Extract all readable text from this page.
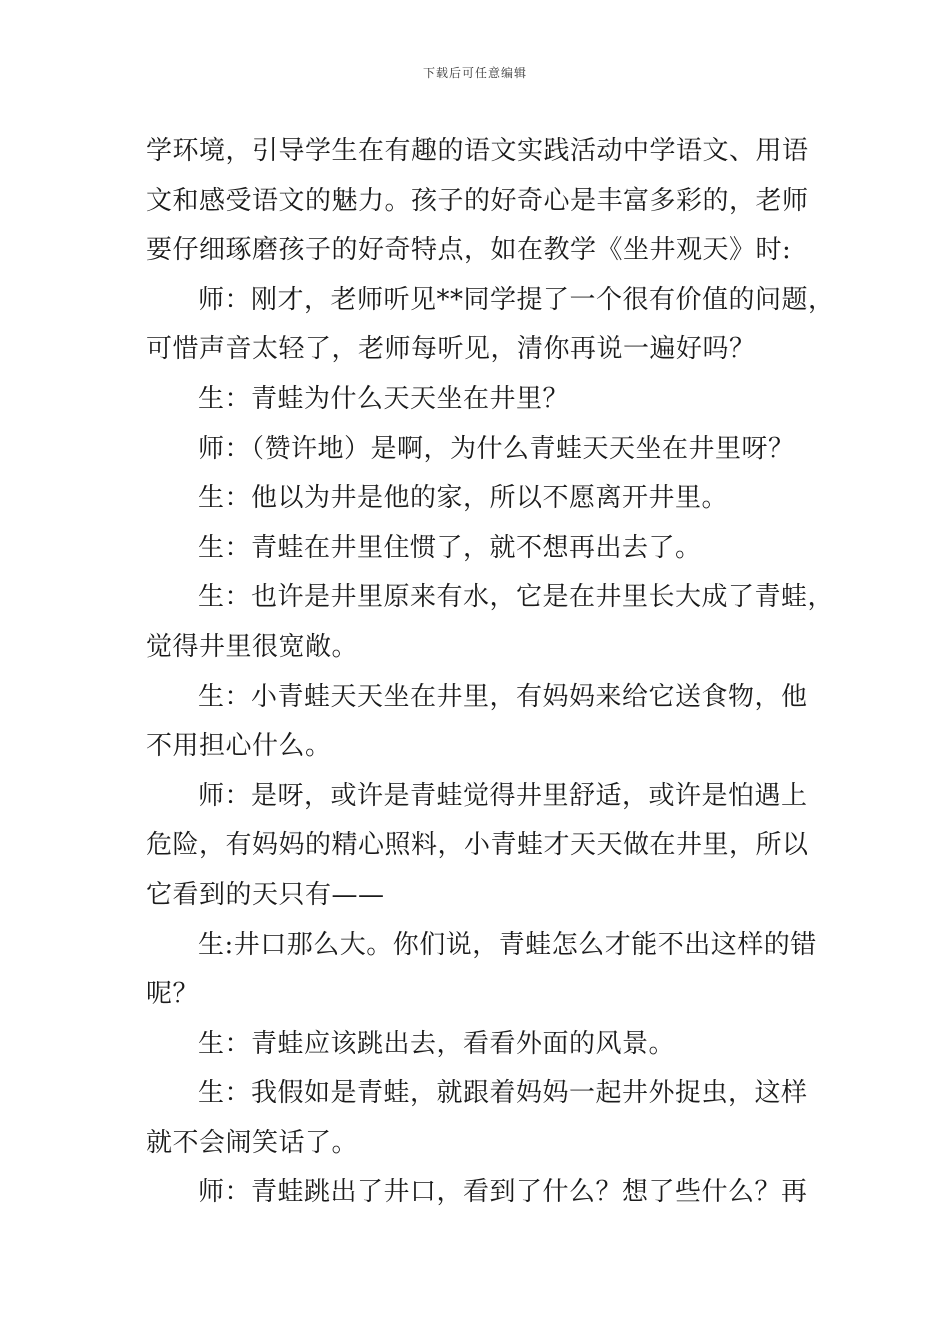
下载后可任意编辑
学环境，引导学生在有趣的语文实践活动中学语文、用语
文和感受语文的魅力。孩子的好奇心是丰富多彩的，老师
要仔细琢磨孩子的好奇特点，如在教学《坐井观天》时:
师：刚才，老师听见**同学提了一个很有价值的问题，
可惜声音太轻了，老师每听见，清你再说一遍好吗？
生：青蛙为什么天天坐在井里？
师：（赞许地）是啊，为什么青蛙天天坐在井里呀？
生：他以为井是他的家，所以不愿离开井里。
生：青蛙在井里住惯了，就不想再出去了。
生：也许是井里原来有水，它是在井里长大成了青蛙，
觉得井里很宽敞。
生：小青蛙天天坐在井里，有妈妈来给它送食物，他
不用担心什么。
师：是呀，或许是青蛙觉得井里舒适，或许是怕遇上
危险，有妈妈的精心照料，小青蛙才天天做在井里，所以
它看到的天只有——
生:井口那么大。你们说，青蛙怎么才能不出这样的错
呢？
生：青蛙应该跳出去，看看外面的风景。
生：我假如是青蛙，就跟着妈妈一起井外捉虫，这样
就不会闹笑话了。
师：青蛙跳出了井口，看到了什么？想了些什么？再
